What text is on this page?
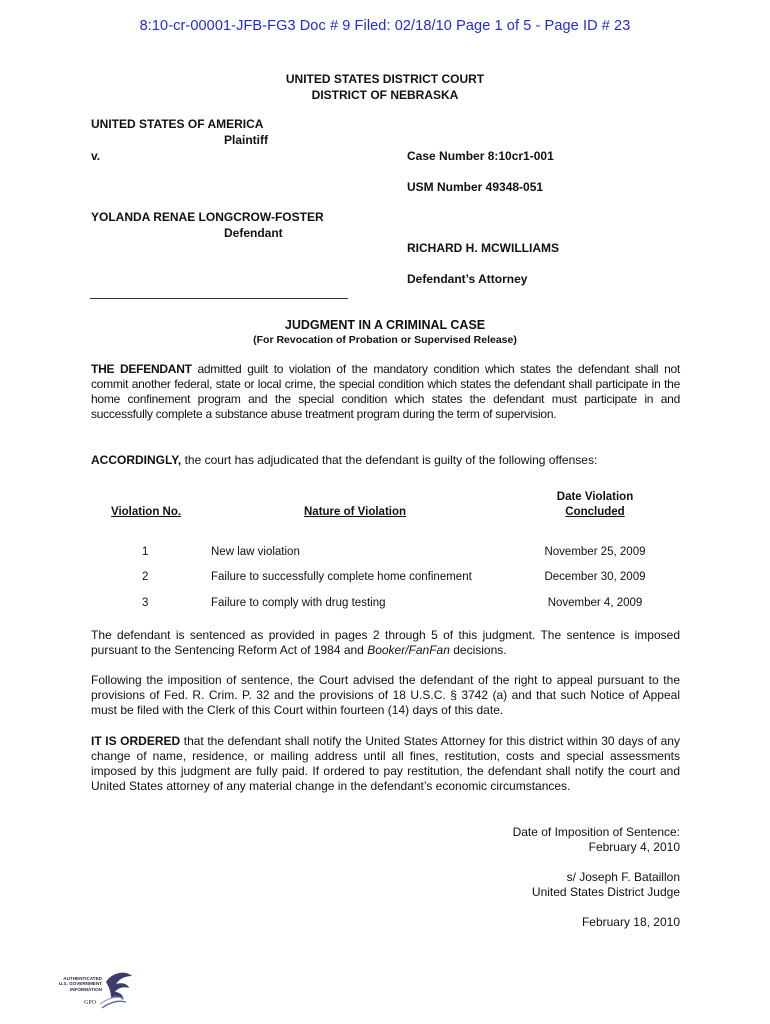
8:10-cr-00001-JFB-FG3 Doc # 9 Filed: 02/18/10 Page 1 of 5 - Page ID # 23
UNITED STATES DISTRICT COURT
DISTRICT OF NEBRASKA
UNITED STATES OF AMERICA
Plaintiff
v.	Case Number 8:10cr1-001
USM Number 49348-051
YOLANDA RENAE LONGCROW-FOSTER
Defendant
RICHARD H. MCWILLIAMS
Defendant’s Attorney
JUDGMENT IN A CRIMINAL CASE
(For Revocation of Probation or Supervised Release)
THE DEFENDANT admitted guilt to violation of the mandatory condition which states the defendant shall not commit another federal, state or local crime, the special condition which states the defendant shall participate in the home confinement program and the special condition which states the defendant must participate in and successfully complete a substance abuse treatment program during the term of supervision.
ACCORDINGLY, the court has adjudicated that the defendant is guilty of the following offenses:
Violation No.	Nature of Violation
Date Violation
Concluded
1	New law violation	November 25, 2009
2	Failure to successfully complete home confinement	December 30, 2009
3	Failure to comply with drug testing	November 4, 2009
The defendant is sentenced as provided in pages 2 through 5 of this judgment. The sentence is imposed pursuant to the Sentencing Reform Act of 1984 and Booker/FanFan decisions.
Following the imposition of sentence, the Court advised the defendant of the right to appeal pursuant to the provisions of Fed. R. Crim. P. 32 and the provisions of 18 U.S.C. § 3742 (a) and that such Notice of Appeal must be filed with the Clerk of this Court within fourteen (14) days of this date.
IT IS ORDERED that the defendant shall notify the United States Attorney for this district within 30 days of any change of name, residence, or mailing address until all fines, restitution, costs and special assessments imposed by this judgment are fully paid. If ordered to pay restitution, the defendant shall notify the court and United States attorney of any material change in the defendant’s economic circumstances.
Date of Imposition of Sentence:
February 4, 2010
s/ Joseph F. Bataillon
United States District Judge
February 18, 2010
AUTHENTICATED
U.S. GOVERNMENT
INFORMATION
GPO
